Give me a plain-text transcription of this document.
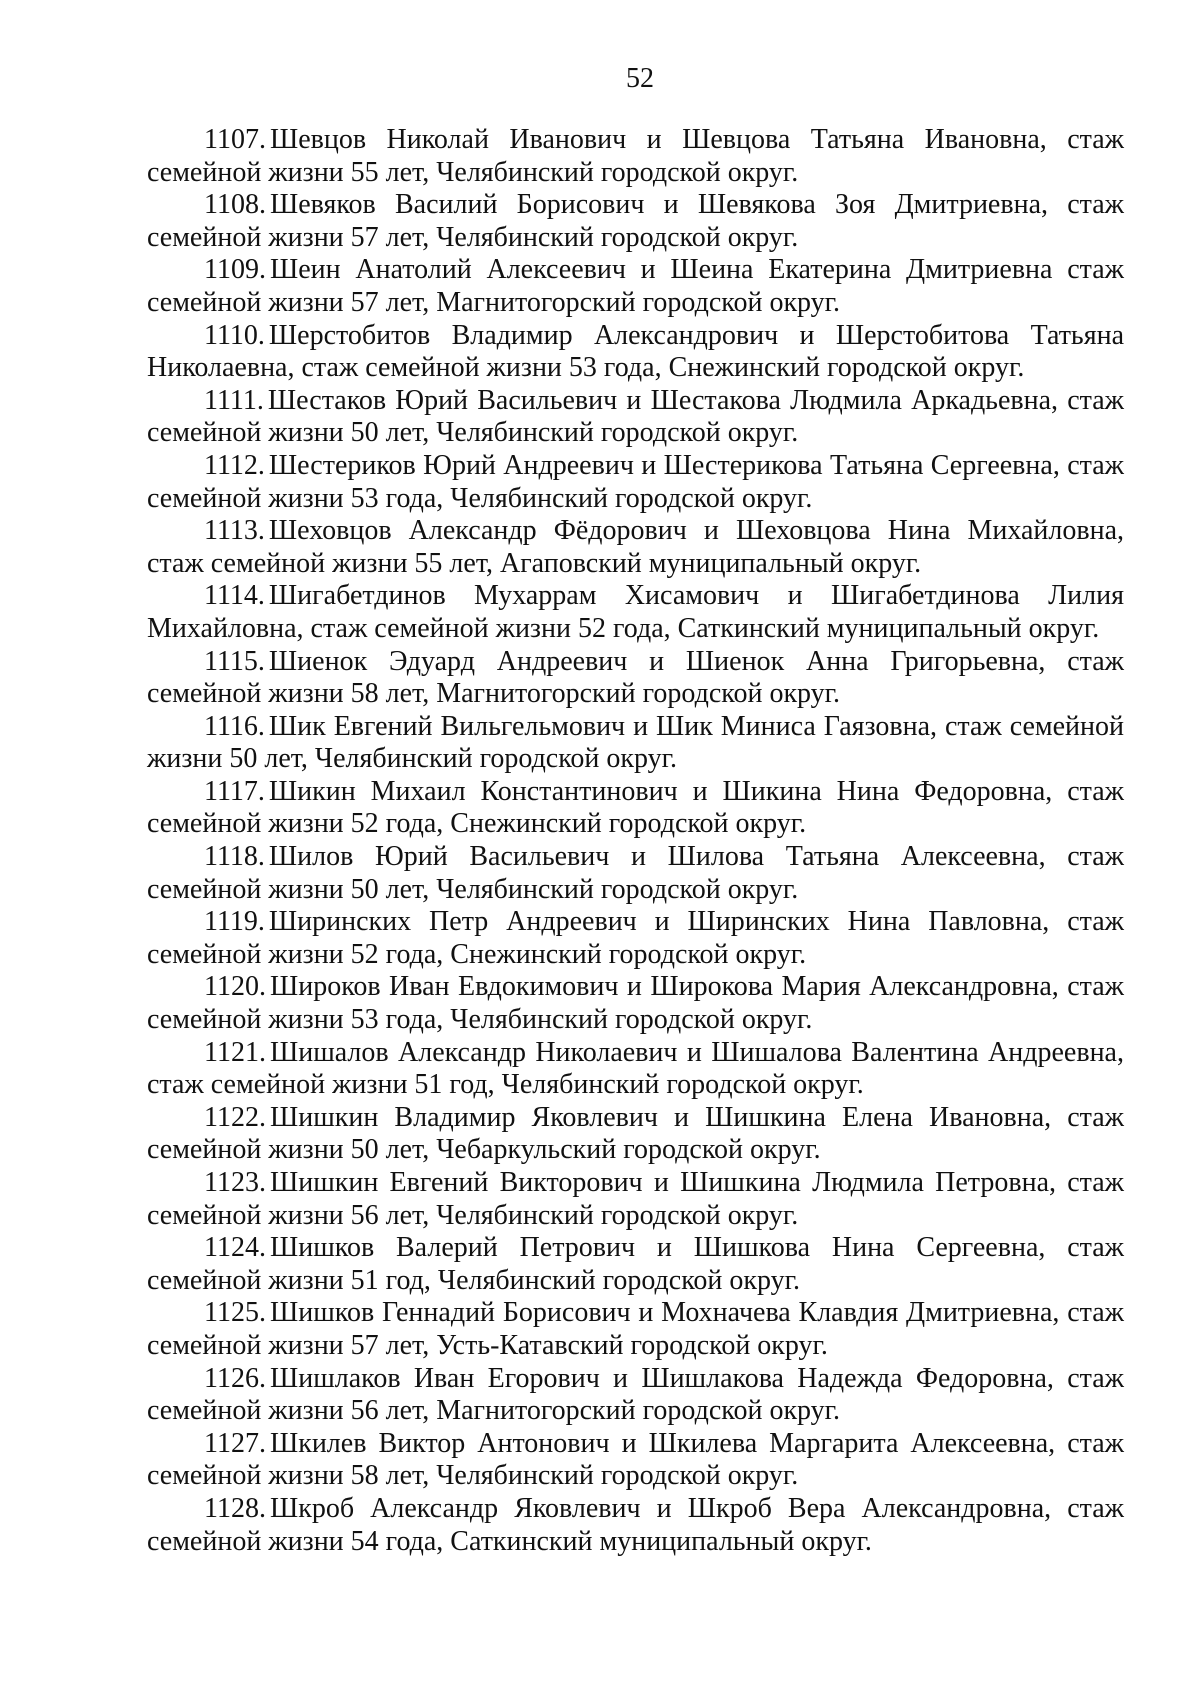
52

1107. Шевцов Николай Иванович и Шевцова Татьяна Ивановна, стаж семейной жизни 55 лет, Челябинский городской округ.

1108. Шевяков Василий Борисович и Шевякова Зоя Дмитриевна, стаж семейной жизни 57 лет, Челябинский городской округ.

1109. Шеин Анатолий Алексеевич и Шеина Екатерина Дмитриевна стаж семейной жизни 57 лет, Магнитогорский городской округ.

1110. Шерстобитов Владимир Александрович и Шерстобитова Татьяна Николаевна, стаж семейной жизни 53 года, Снежинский городской округ.

1111. Шестаков Юрий Васильевич и Шестакова Людмила Аркадьевна, стаж семейной жизни 50 лет, Челябинский городской округ.

1112. Шестериков Юрий Андреевич и Шестерикова Татьяна Сергеевна, стаж семейной жизни 53 года, Челябинский городской округ.

1113. Шеховцов Александр Фёдорович и Шеховцова Нина Михайловна, стаж семейной жизни 55 лет, Агаповский муниципальный округ.

1114. Шигабетдинов Мухаррам Хисамович и Шигабетдинова Лилия Михайловна, стаж семейной жизни 52 года, Саткинский муниципальный округ.

1115. Шиенок Эдуард Андреевич и Шиенок Анна Григорьевна, стаж семейной жизни 58 лет, Магнитогорский городской округ.

1116. Шик Евгений Вильгельмович и Шик Миниса Гаязовна, стаж семейной жизни 50 лет, Челябинский городской округ.

1117. Шикин Михаил Константинович и Шикина Нина Федоровна, стаж семейной жизни 52 года, Снежинский городской округ.

1118. Шилов Юрий Васильевич и Шилова Татьяна Алексеевна, стаж семейной жизни 50 лет, Челябинский городской округ.

1119. Ширинских Петр Андреевич и Ширинских Нина Павловна, стаж семейной жизни 52 года, Снежинский городской округ.

1120. Широков Иван Евдокимович и Широкова Мария Александровна, стаж семейной жизни 53 года, Челябинский городской округ.

1121. Шишалов Александр Николаевич и Шишалова Валентина Андреевна, стаж семейной жизни 51 год, Челябинский городской округ.

1122. Шишкин Владимир Яковлевич и Шишкина Елена Ивановна, стаж семейной жизни 50 лет, Чебаркульский городской округ.

1123. Шишкин Евгений Викторович и Шишкина Людмила Петровна, стаж семейной жизни 56 лет, Челябинский городской округ.

1124. Шишков Валерий Петрович и Шишкова Нина Сергеевна, стаж семейной жизни 51 год, Челябинский городской округ.

1125. Шишков Геннадий Борисович и Мохначева Клавдия Дмитриевна, стаж семейной жизни 57 лет, Усть-Катавский городской округ.

1126. Шишлаков Иван Егорович и Шишлакова Надежда Федоровна, стаж семейной жизни 56 лет, Магнитогорский городской округ.

1127. Шкилев Виктор Антонович и Шкилева Маргарита Алексеевна, стаж семейной жизни 58 лет, Челябинский городской округ.

1128. Шкроб Александр Яковлевич и Шкроб Вера Александровна, стаж семейной жизни 54 года, Саткинский муниципальный округ.
